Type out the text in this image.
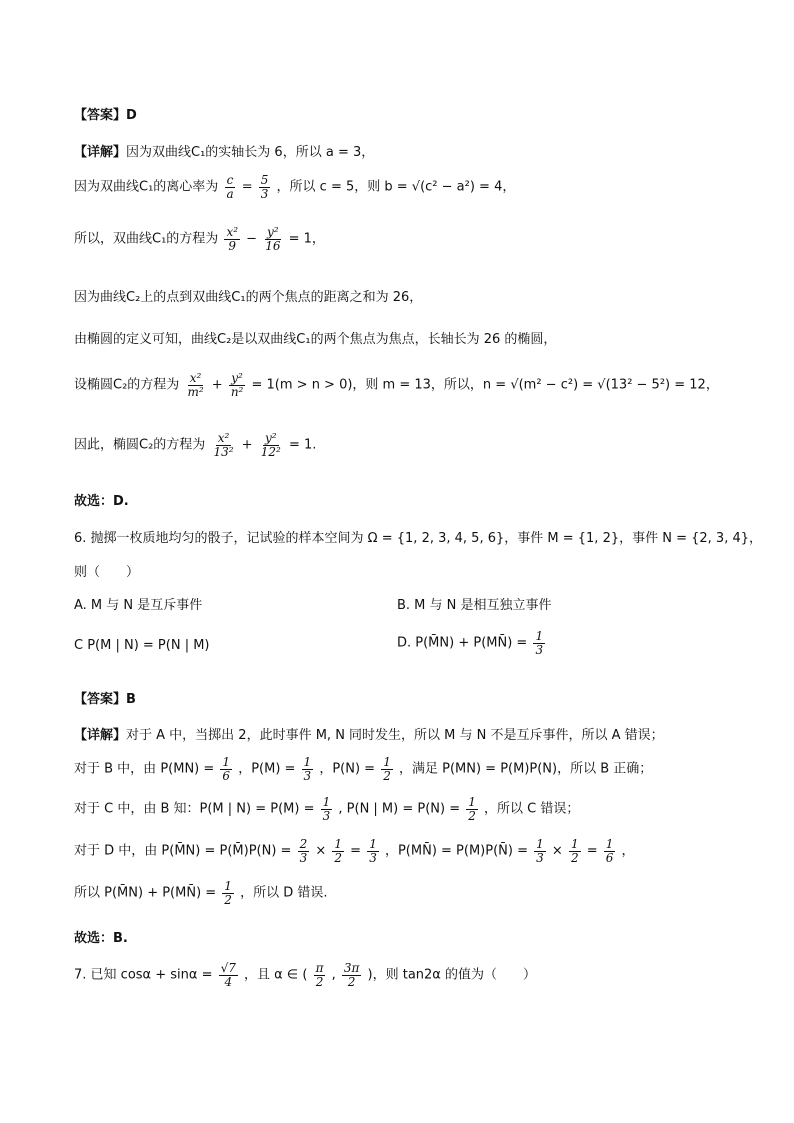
【答案】D
【详解】因为双曲线C₁的实轴长为 6，所以 a = 3，
因为双曲线C₁的离心率为 $\frac{c}{a} = \frac{5}{3}$ ，所以 c = 5，则 b = √(c² − a²) = 4，
所以，双曲线C₁的方程为 $\frac{\text{x²}}{9} - \frac{\text{y²}}{16} = 1$，
因为曲线C₂上的点到双曲线C₁的两个焦点的距离之和为 26，
由椭圆的定义可知，曲线C₂是以双曲线C₁的两个焦点为焦点，长轴长为 26 的椭圆，
设椭圆C₂的方程为 $\frac{\text{x²}}{\text{m²}} + \frac{\text{y²}}{\text{n²}} = 1(m > n > 0)$，则 m = 13，所以，n = √(m² − c²) = √(13² − 5²) = 12，
因此，椭圆C₂的方程为 $\frac{\text{x²}}{\text{13²}} + \frac{\text{y²}}{\text{12²}} = 1$.
故选：D.
6. 抛掷一枚质地均匀的骰子，记试验的样本空间为 Ω = {1, 2, 3, 4, 5, 6}，事件 M = {1, 2}，事件 N = {2, 3, 4}，
则（　　）
A. M 与 N 是互斥事件	B. M 与 N 是相互独立事件
C P(M | N) = P(N | M)	D. P(M̄N) + P(MN̄) = $\frac{1}{3}$
【答案】B
【详解】对于 A 中，当掷出 2，此时事件 M, N 同时发生，所以 M 与 N 不是互斥事件，所以 A 错误；
对于 B 中，由 $P(MN) = \frac{1}{6}$ ，$P(M) = \frac{1}{3}$ ，$P(N) = \frac{1}{2}$ ，满足 P(MN) = P(M)P(N)，所以 B 正确；
对于 C 中，由 B 知：P(M | $N) = P(M) = \frac{1}{3}$ , P(N | $M) = P(N) = \frac{1}{2}$ ，所以 C 错误；
对于 D 中，由 P(M̄N) = P(M̄)P(N) = $\frac{2}{3} \times \frac{1}{2} = \frac{1}{3}$ ，P(MN̄) = P(M)P(N̄) = $\frac{1}{3} \times \frac{1}{2} = \frac{1}{6}$ ，
所以 P(M̄N) + P(MN̄) = $\frac{1}{2}$ ，所以 D 错误.
故选：B.
7. 已知 $\cos\alpha + \sin\alpha = \frac{√7}{4}$ ，且 α ∈ ( $\frac{\pi}{2}$ , $\frac{3\pi}{2}$ )，则 tan2α 的值为（　　）
